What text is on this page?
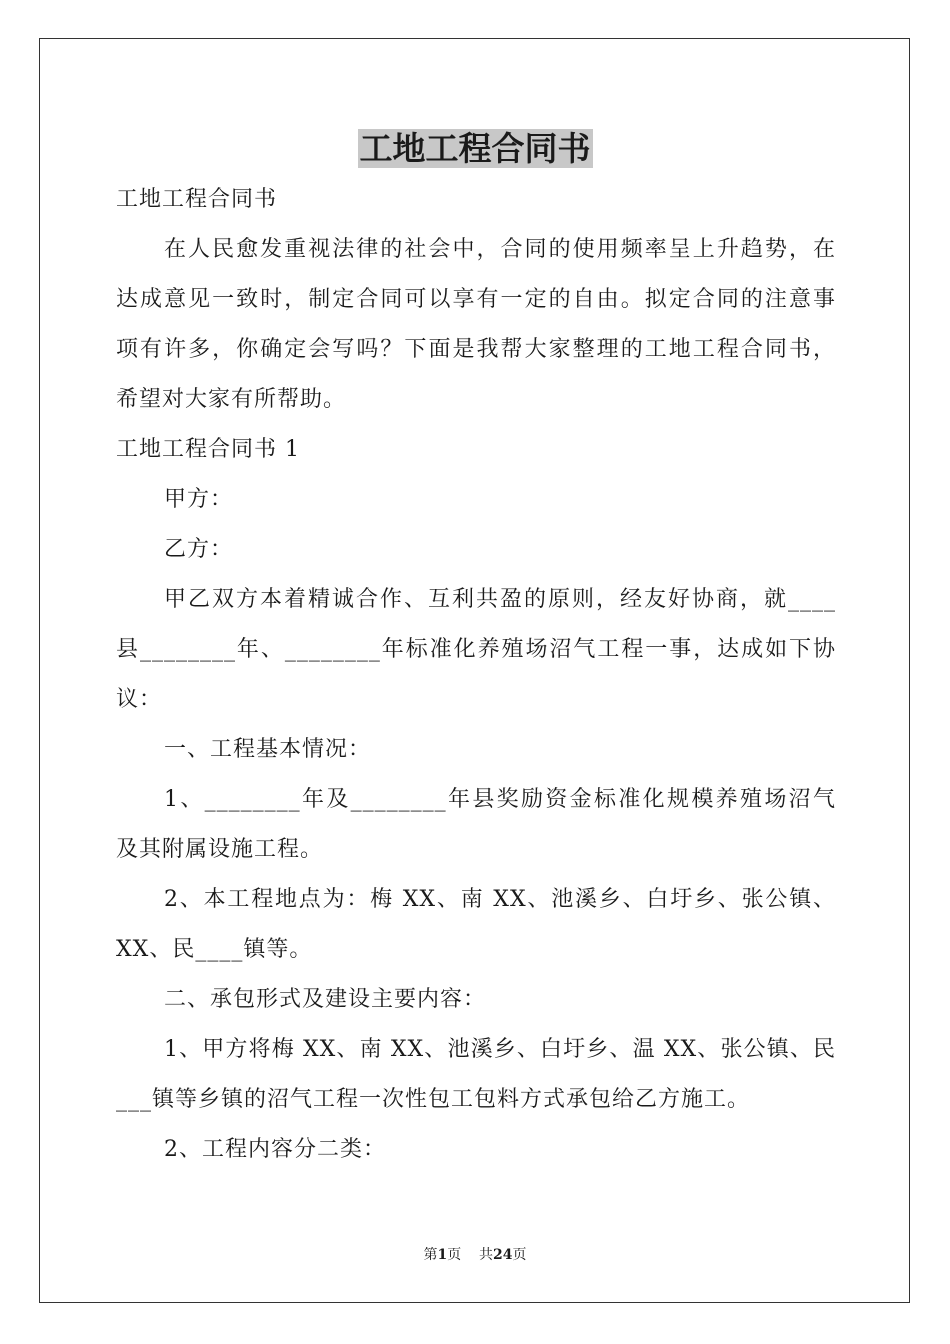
工地工程合同书
工地工程合同书
在人民愈发重视法律的社会中，合同的使用频率呈上升趋势，在
达成意见一致时，制定合同可以享有一定的自由。拟定合同的注意事
项有许多，你确定会写吗？下面是我帮大家整理的工地工程合同书，
希望对大家有所帮助。
工地工程合同书 1
甲方：
乙方：
甲乙双方本着精诚合作、互利共盈的原则，经友好协商，就____
县________年、________年标准化养殖场沼气工程一事，达成如下协
议：
一、工程基本情况：
1、________年及________年县奖励资金标准化规模养殖场沼气
及其附属设施工程。
2、本工程地点为：梅 XX、南 XX、池溪乡、白圩乡、张公镇、
XX、民____镇等。
二、承包形式及建设主要内容：
1、甲方将梅 XX、南 XX、池溪乡、白圩乡、温 XX、张公镇、民
___镇等乡镇的沼气工程一次性包工包料方式承包给乙方施工。
2、工程内容分二类：
第1页 共24页
